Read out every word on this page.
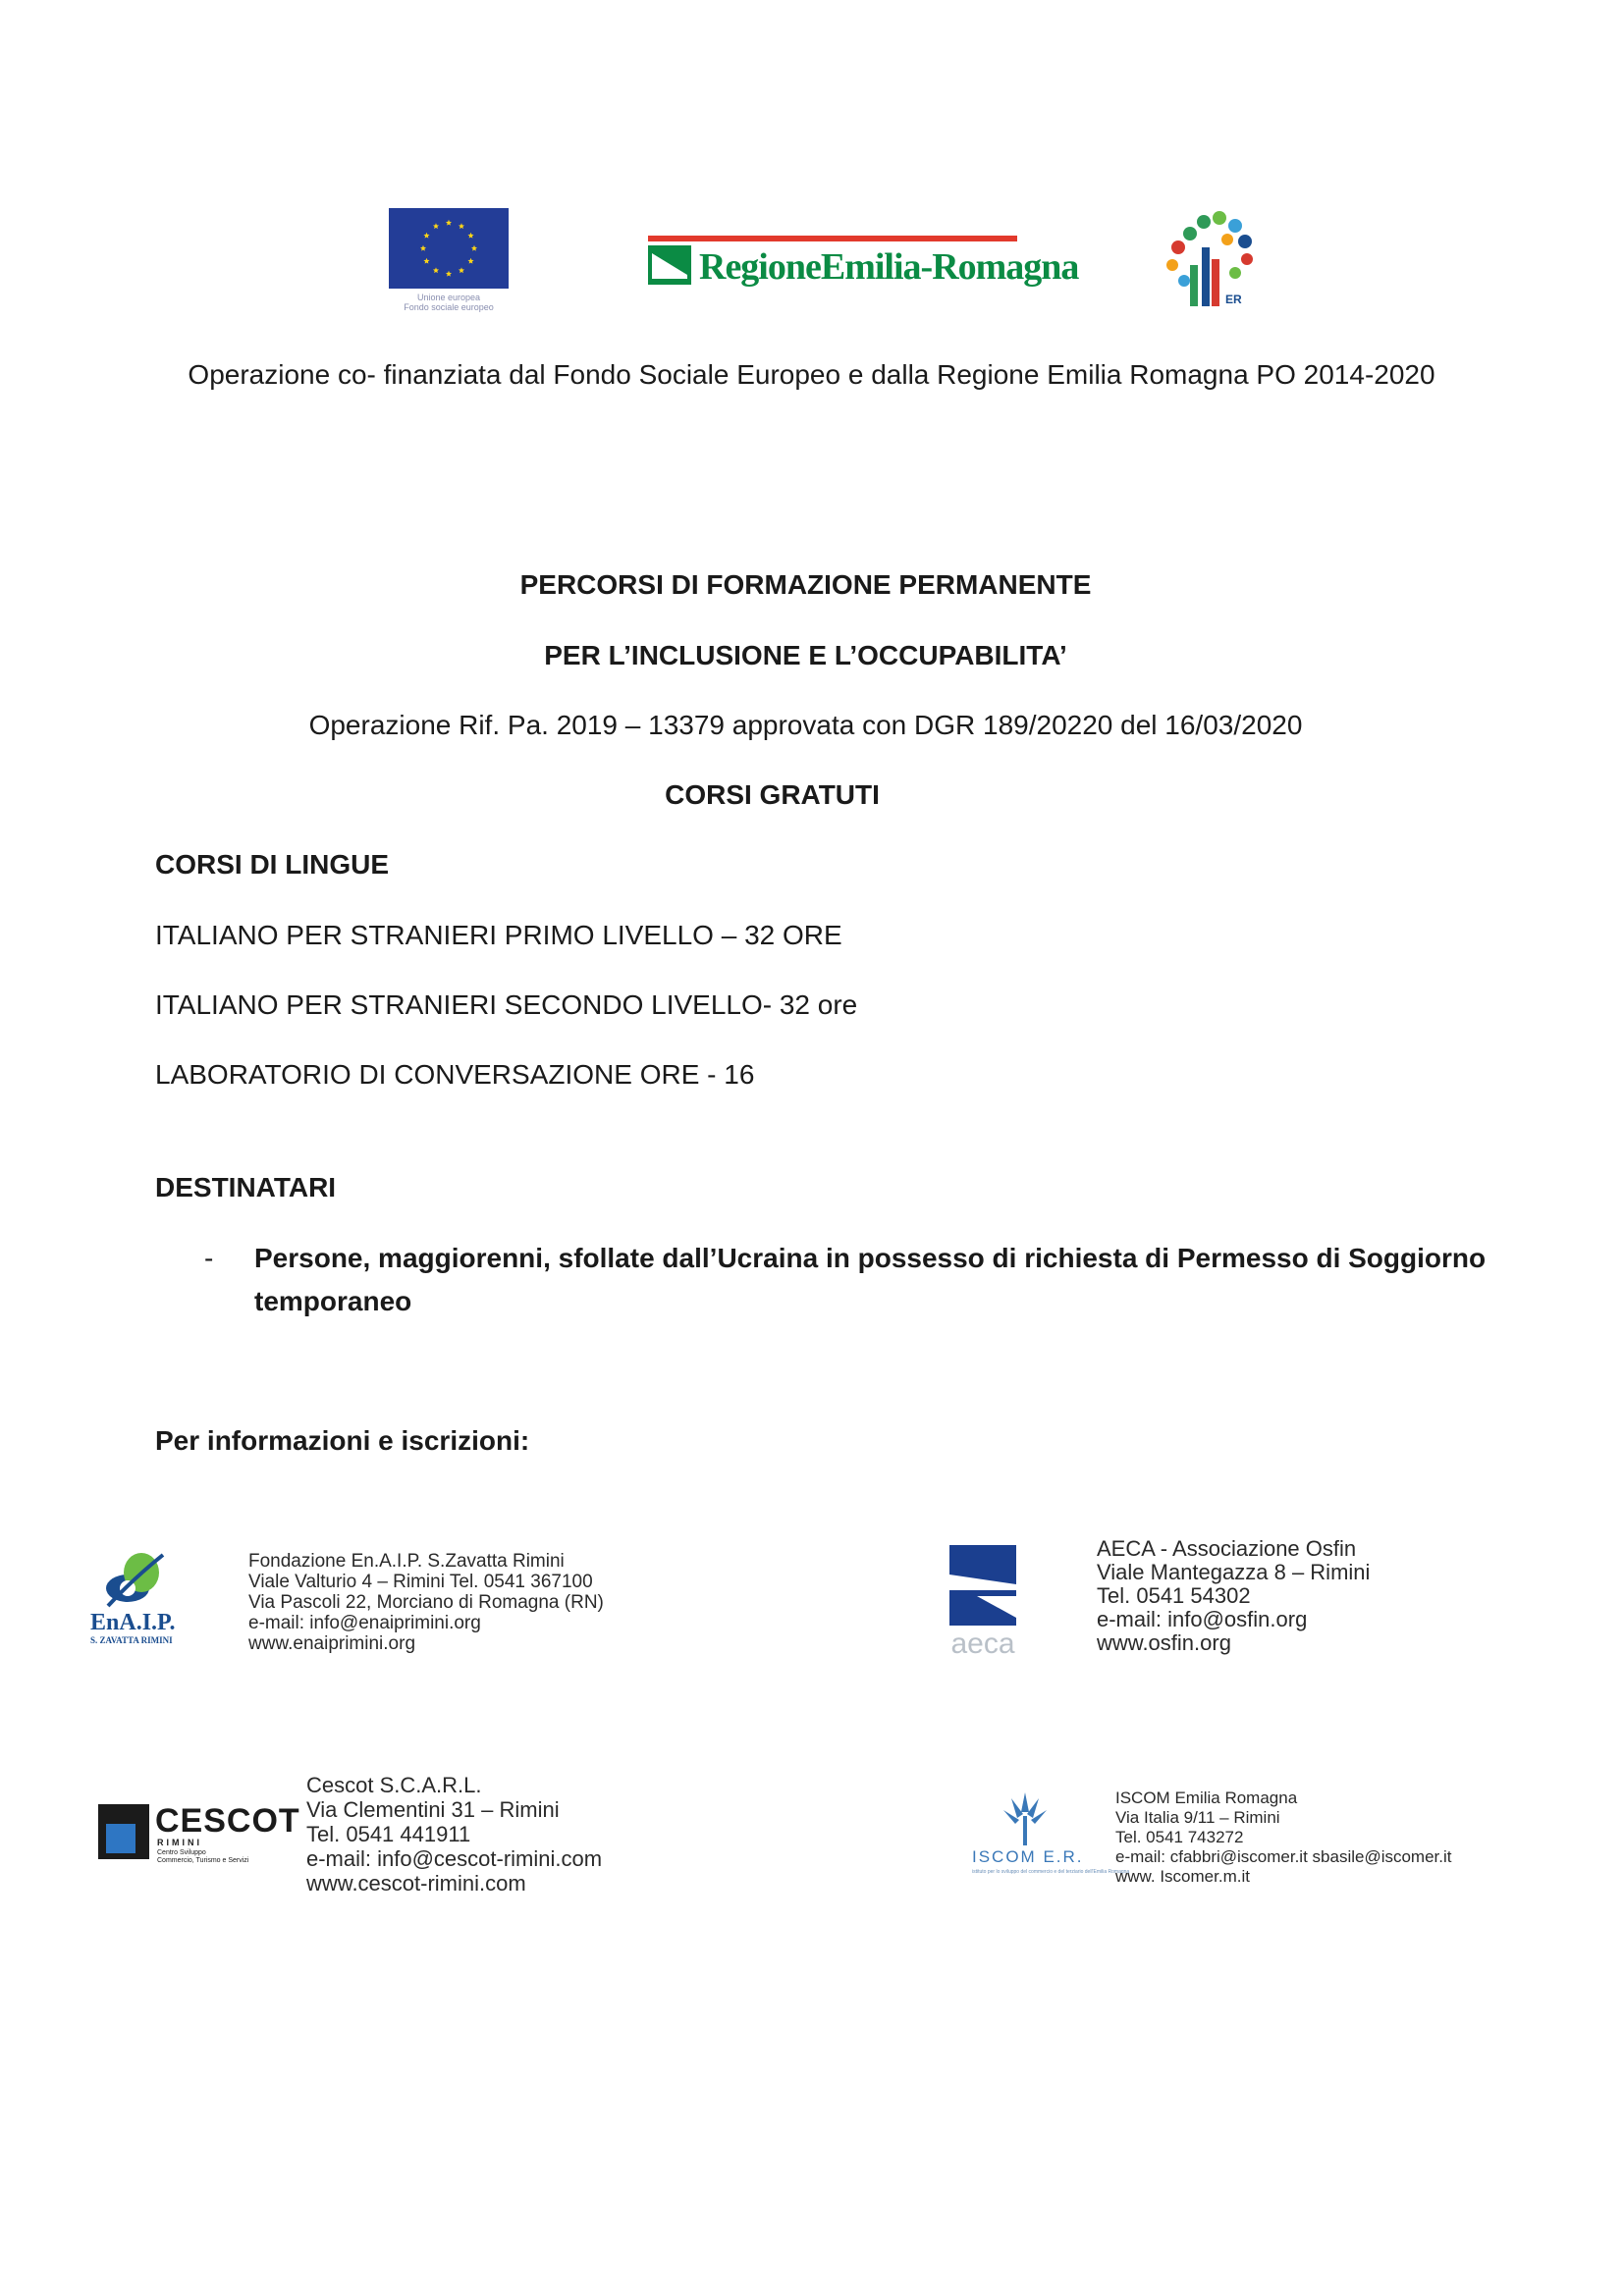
Unione europea
Fondo sociale europeo
RegioneEmilia-Romagna
ER
Operazione co- finanziata dal Fondo Sociale Europeo e dalla Regione Emilia Romagna PO 2014-2020
PERCORSI DI FORMAZIONE PERMANENTE
PER L’INCLUSIONE E L’OCCUPABILITA’
Operazione Rif. Pa. 2019 – 13379 approvata con DGR 189/20220 del 16/03/2020
CORSI GRATUTI
CORSI DI LINGUE
ITALIANO PER STRANIERI PRIMO LIVELLO – 32 ORE
ITALIANO PER STRANIERI SECONDO LIVELLO- 32 ore
LABORATORIO DI CONVERSAZIONE ORE - 16
DESTINATARI
- Persone, maggiorenni, sfollate dall’Ucraina in possesso di richiesta di Permesso di Soggiorno
temporaneo
Per informazioni e iscrizioni:
EnA.I.P.
S. ZAVATTA RIMINI
Fondazione En.A.I.P. S.Zavatta Rimini
Viale Valturio 4 – Rimini Tel. 0541 367100
Via Pascoli 22, Morciano di Romagna (RN)
e-mail: info@enaiprimini.org
www.enaiprimini.org	aeca
AECA - Associazione Osfin
Viale Mantegazza 8 – Rimini
Tel. 0541 54302
e-mail: info@osfin.org
www.osfin.org
CESCOT
RIMINI
Centro Sviluppo
Commercio, Turismo e Servizi
Cescot S.C.A.R.L.
Via Clementini 31 – Rimini
Tel. 0541 441911
e-mail: info@cescot-rimini.com
www.cescot-rimini.com
ISCOM E.R.
istituto per lo sviluppo del commercio e del terziario dell'Emilia Romagna
ISCOM Emilia Romagna
Via Italia 9/11 – Rimini
Tel. 0541 743272
e-mail: cfabbri@iscomer.it sbasile@iscomer.it
www. Iscomer.m.it
